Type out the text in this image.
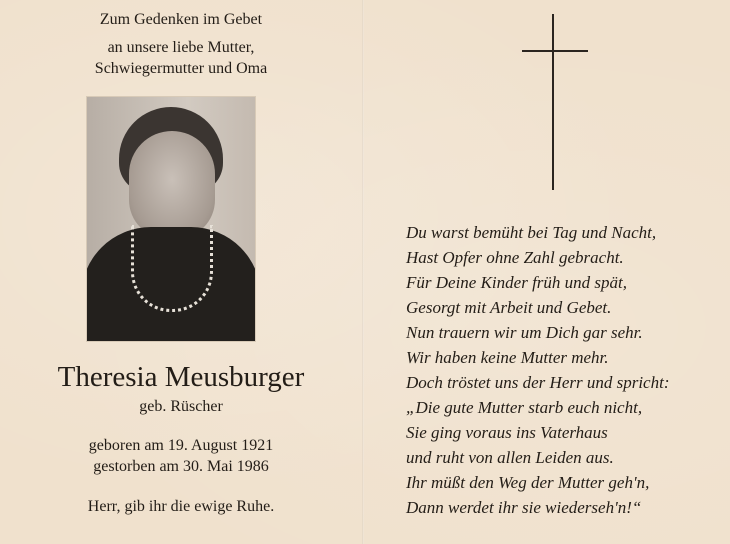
Zum Gedenken im Gebet
an unsere liebe Mutter,
Schwiegermutter und Oma
Theresia Meusburger
geb. Rüscher
geboren am 19. August 1921
gestorben am 30. Mai 1986
Herr, gib ihr die ewige Ruhe.
Du warst bemüht bei Tag und Nacht,
Hast Opfer ohne Zahl gebracht.
Für Deine Kinder früh und spät,
Gesorgt mit Arbeit und Gebet.
Nun trauern wir um Dich gar sehr.
Wir haben keine Mutter mehr.
Doch tröstet uns der Herr und spricht:
„Die gute Mutter starb euch nicht,
Sie ging voraus ins Vaterhaus
und ruht von allen Leiden aus.
Ihr müßt den Weg der Mutter geh'n,
Dann werdet ihr sie wiederseh'n!“
